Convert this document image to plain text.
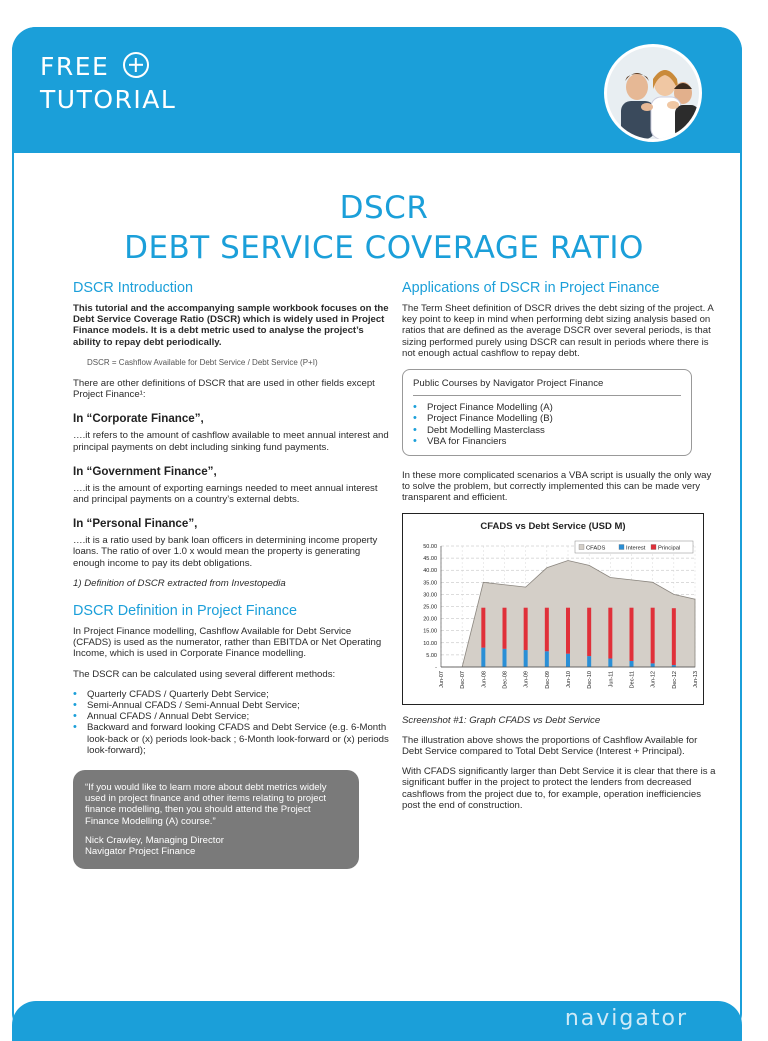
FREE
TUTORIAL
DSCR
DEBT SERVICE COVERAGE RATIO
DSCR Introduction

This tutorial and the accompanying sample workbook focuses on the Debt Service Coverage Ratio (DSCR) which is widely used in Project Finance models. It is a debt metric used to analyse the project’s ability to repay debt periodically.

DSCR = Cashflow Available for Debt Service / Debt Service (P+I)

There are other definitions of DSCR that are used in other fields except Project Finance¹:

In “Corporate Finance”,

….it refers to the amount of cashflow available to meet annual interest and principal payments on debt including sinking fund payments.

In “Government Finance”,

….it is the amount of exporting earnings needed to meet annual interest and principal payments on a country’s external debts.

In “Personal Finance”,

….it is a ratio used by bank loan officers in determining income property loans. The ratio of over 1.0 x would mean the property is generating enough income to pay its debt obligations.

1) Definition of DSCR extracted from Investopedia

DSCR Definition in Project Finance

In Project Finance modelling, Cashflow Available for Debt Service (CFADS) is used as the numerator, rather than EBITDA or Net Operating Income, which is used in Corporate Finance modelling.

The DSCR can be calculated using several different methods:

• Quarterly CFADS / Quarterly Debt Service;
• Semi-Annual CFADS / Semi-Annual Debt Service;
• Annual CFADS / Annual Debt Service;
• Backward and forward looking CFADS and Debt Service (e.g. 6-Month look-back or (x) periods look-back ; 6-Month look-forward or (x) periods look-forward);

“If you would like to learn more about debt metrics widely used in project finance and other items relating to project finance modelling, then you should attend the Project Finance Modelling (A) course.”

Nick Crawley, Managing Director
Navigator Project Finance
Applications of DSCR in Project Finance

The Term Sheet definition of DSCR drives the debt sizing of the project. A key point to keep in mind when performing debt sizing analysis based on ratios that are defined as the average DSCR over several periods, is that sizing performed purely using DSCR can result in periods where there is not enough actual cashflow to repay debt.

Public Courses by Navigator Project Finance
• Project Finance Modelling (A)
• Project Finance Modelling (B)
• Debt Modelling Masterclass
• VBA for Financiers

In these more complicated scenarios a VBA script is usually the only way to solve the problem, but correctly implemented this can be made very transparent and efficient.

CFADS vs Debt Service (USD M)
50.00
45.00
40.00
35.00
30.00
25.00
20.00
15.00
10.00
5.00
-
Jun-07	Dec-07	Jun-08	Dec-08	Jun-09	Dec-09	Jun-10	Dec-10	Jun-11	Dec-11	Jun-12	Dec-12	Jun-13
CFADS	Interest Principal

Screenshot #1: Graph CFADS vs Debt Service

The illustration above shows the proportions of Cashflow Available for Debt Service compared to Total Debt Service (Interest + Principal).

With CFADS significantly larger than Debt Service it is clear that there is a significant buffer in the project to protect the lenders from decreased cashflows from the project due to, for example, operation inefficiencies post the end of construction.

navigator
